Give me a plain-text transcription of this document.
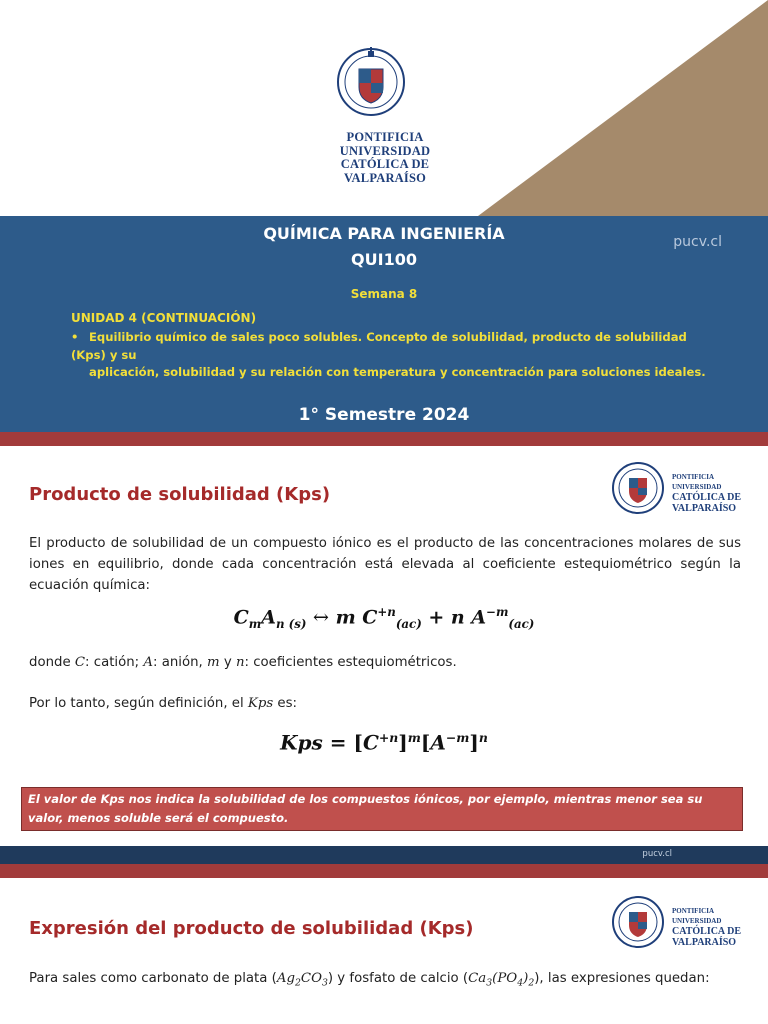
PONTIFICIA
UNIVERSIDAD
CATÓLICA DE
VALPARAÍSO
QUÍMICA PARA INGENIERÍA
QUI100
pucv.cl
Semana 8
UNIDAD 4 (CONTINUACIÓN)
• Equilibrio químico de sales poco solubles. Concepto de solubilidad, producto de solubilidad (Kps) y su
aplicación, solubilidad y su relación con temperatura y concentración para soluciones ideales.
1° Semestre 2024
Producto de solubilidad (Kps)
PONTIFICIA
UNIVERSIDAD
CATÓLICA DE
VALPARAÍSO
El producto de solubilidad de un compuesto iónico es el producto de las concentraciones molares de sus iones en equilibrio, donde cada concentración está elevada al coeficiente estequiométrico según la ecuación química:
$C_mA_{n (s)}$ ↔ m $C^{+n}_{(ac)} + n$ $A^{-m}_{(ac)}$
donde C: catión; A: anión, m y n: coeficientes estequiométricos.
Por lo tanto, según definición, el Kps es:
Kps = $[C^{+n}]^m[A^{-m}]^n$
El valor de Kps nos indica la solubilidad de los compuestos iónicos, por ejemplo, mientras menor sea su
valor, menos soluble será el compuesto.
pucv.cl
Expresión del producto de solubilidad (Kps)
PONTIFICIA
UNIVERSIDAD
CATÓLICA DE
VALPARAÍSO
Para sales como carbonato de plata $(Ag_2CO_3)$ y fosfato de calcio $(Ca_3(PO_4)_2)$, las expresiones quedan:
